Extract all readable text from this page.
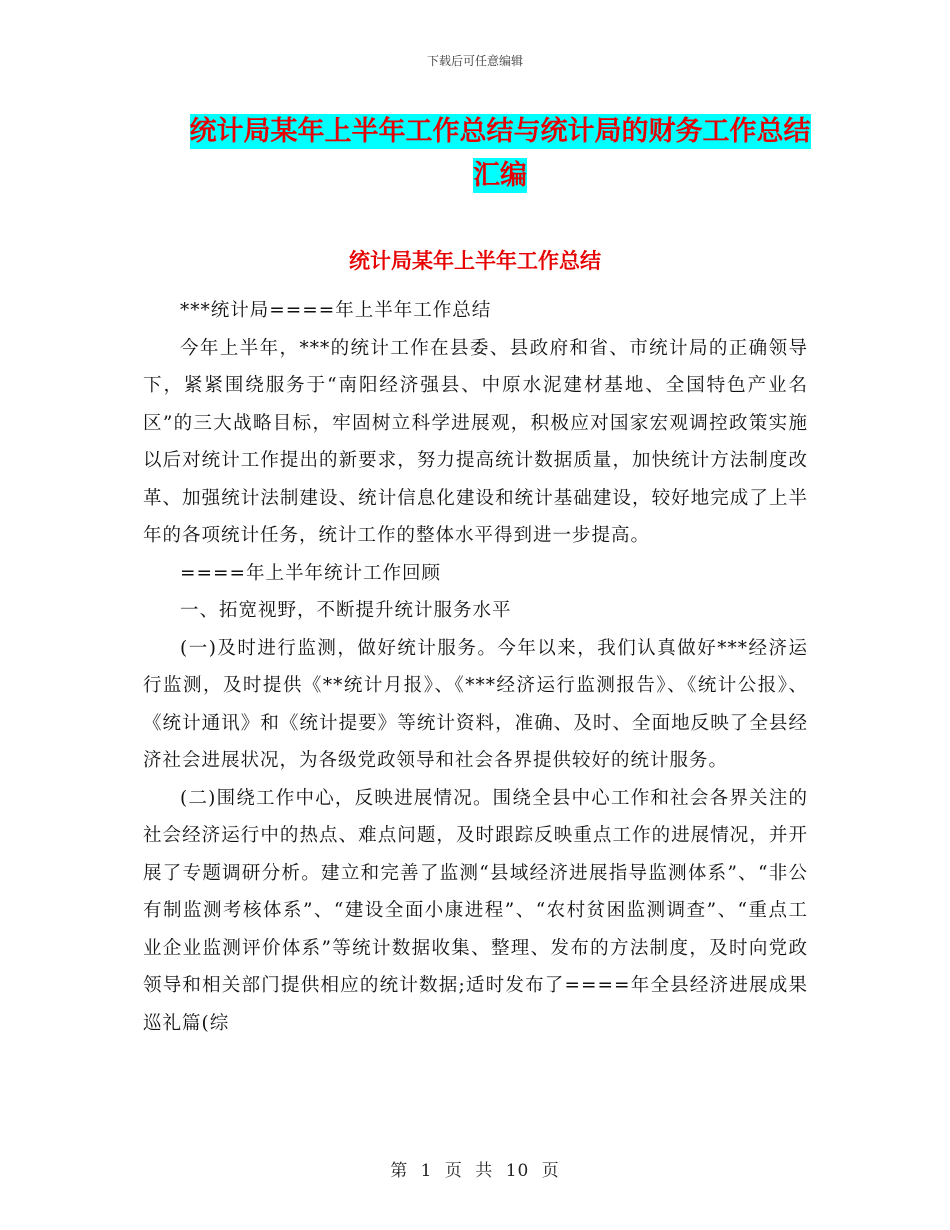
下载后可任意编辑
统计局某年上半年工作总结与统计局的财务工作总结
汇编
统计局某年上半年工作总结

***统计局====年上半年工作总结

今年上半年，***的统计工作在县委、县政府和省、市统计局的正确领导下，紧紧围绕服务于“南阳经济强县、中原水泥建材基地、全国特色产业名区”的三大战略目标，牢固树立科学进展观，积极应对国家宏观调控政策实施以后对统计工作提出的新要求，努力提高统计数据质量，加快统计方法制度改革、加强统计法制建设、统计信息化建设和统计基础建设，较好地完成了上半年的各项统计任务，统计工作的整体水平得到进一步提高。

====年上半年统计工作回顾

一、拓宽视野，不断提升统计服务水平

(一)及时进行监测，做好统计服务。今年以来，我们认真做好***经济运行监测，及时提供《**统计月报》、《***经济运行监测报告》、《统计公报》、《统计通讯》和《统计提要》等统计资料，准确、及时、全面地反映了全县经济社会进展状况，为各级党政领导和社会各界提供较好的统计服务。

(二)围绕工作中心，反映进展情况。围绕全县中心工作和社会各界关注的社会经济运行中的热点、难点问题，及时跟踪反映重点工作的进展情况，并开展了专题调研分析。建立和完善了监测“县域经济进展指导监测体系”、“非公有制监测考核体系”、“建设全面小康进程”、“农村贫困监测调查”、“重点工业企业监测评价体系”等统计数据收集、整理、发布的方法制度，及时向党政领导和相关部门提供相应的统计数据;适时发布了====年全县经济进展成果巡礼篇(综

第 1 页 共 10 页
